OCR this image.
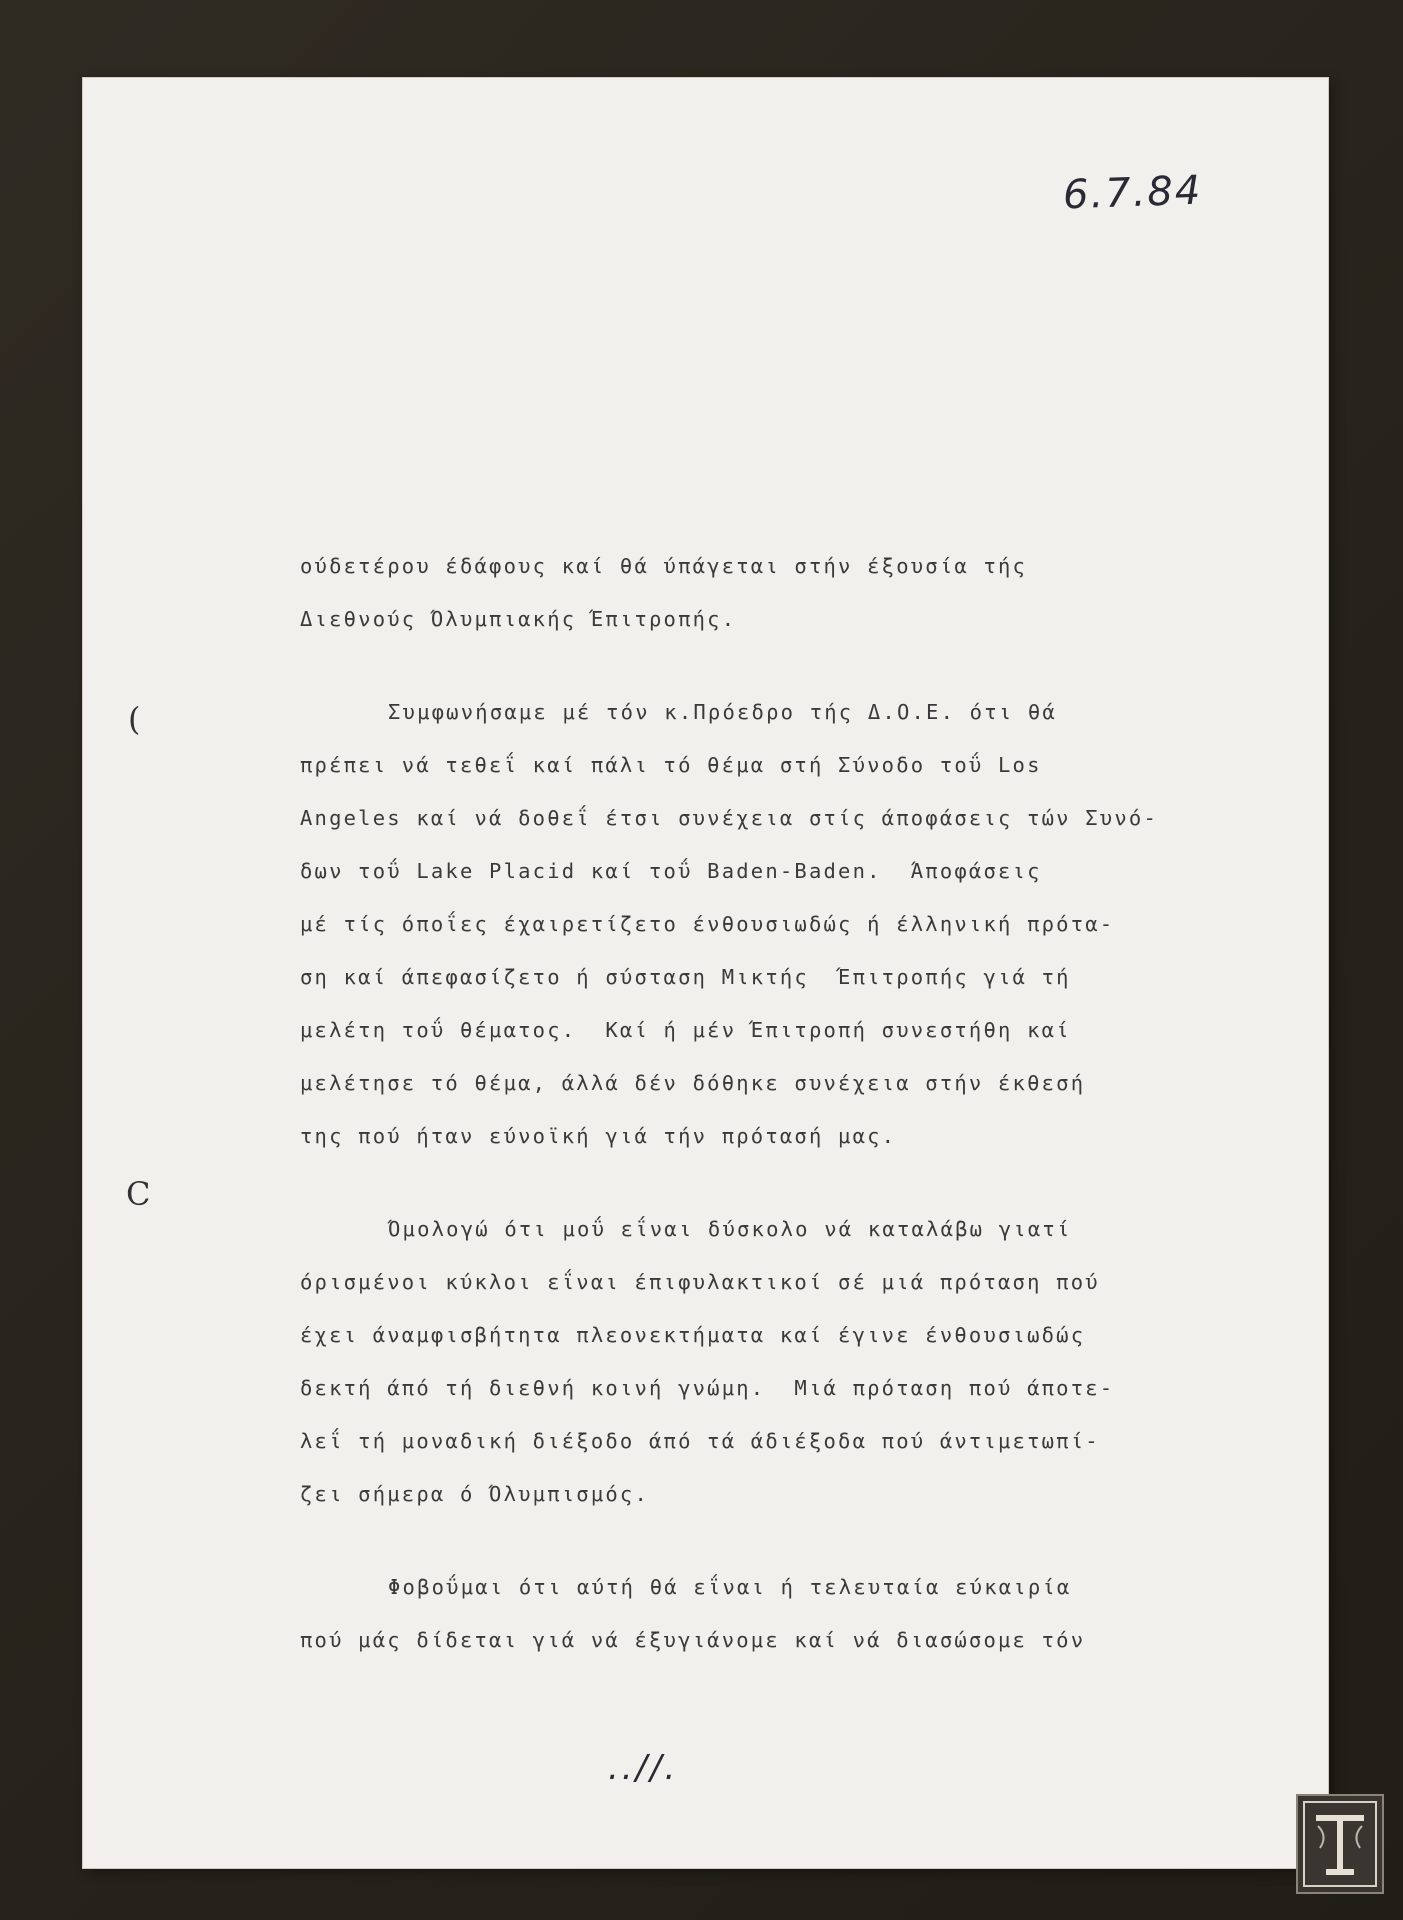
6.7.84
(
C
ούδετέρου έδάφους καί θά ύπάγεται στήν έξουσία τής
Διεθνούς Όλυμπιακής Έπιτροπής.
Συμφωνήσαμε μέ τόν κ.Πρόεδρο τής Δ.Ο.Ε. ότι θά
πρέπει νά τεθεΐ καί πάλι τό θέμα στή Σύνοδο τοΰ Los
Angeles καί νά δοθεΐ έτσι συνέχεια στίς άποφάσεις τών Συνό-
δων τοΰ Lake Placid καί τοΰ Baden-Baden.  Άποφάσεις
μέ τίς όποΐες έχαιρετίζετο ένθουσιωδώς ή έλληνική πρότα-
ση καί άπεφασίζετο ή σύσταση Μικτής  Έπιτροπής γιά τή
μελέτη τοΰ θέματος.  Καί ή μέν Έπιτροπή συνεστήθη καί
μελέτησε τό θέμα, άλλά δέν δόθηκε συνέχεια στήν έκθεσή
της πού ήταν εύνοϊκή γιά τήν πρότασή μας.
Όμολογώ ότι μοΰ εΐναι δύσκολο νά καταλάβω γιατί
όρισμένοι κύκλοι εΐναι έπιφυλακτικοί σέ μιά πρόταση πού
έχει άναμφισβήτητα πλεονεκτήματα καί έγινε ένθουσιωδώς
δεκτή άπό τή διεθνή κοινή γνώμη.  Μιά πρόταση πού άποτε-
λεΐ τή μοναδική διέξοδο άπό τά άδιέξοδα πού άντιμετωπί-
ζει σήμερα ό Όλυμπισμός.
Φοβοΰμαι ότι αύτή θά εΐναι ή τελευταία εύκαιρία
πού μάς δίδεται γιά νά έξυγιάνομε καί νά διασώσομε τόν
..//.
